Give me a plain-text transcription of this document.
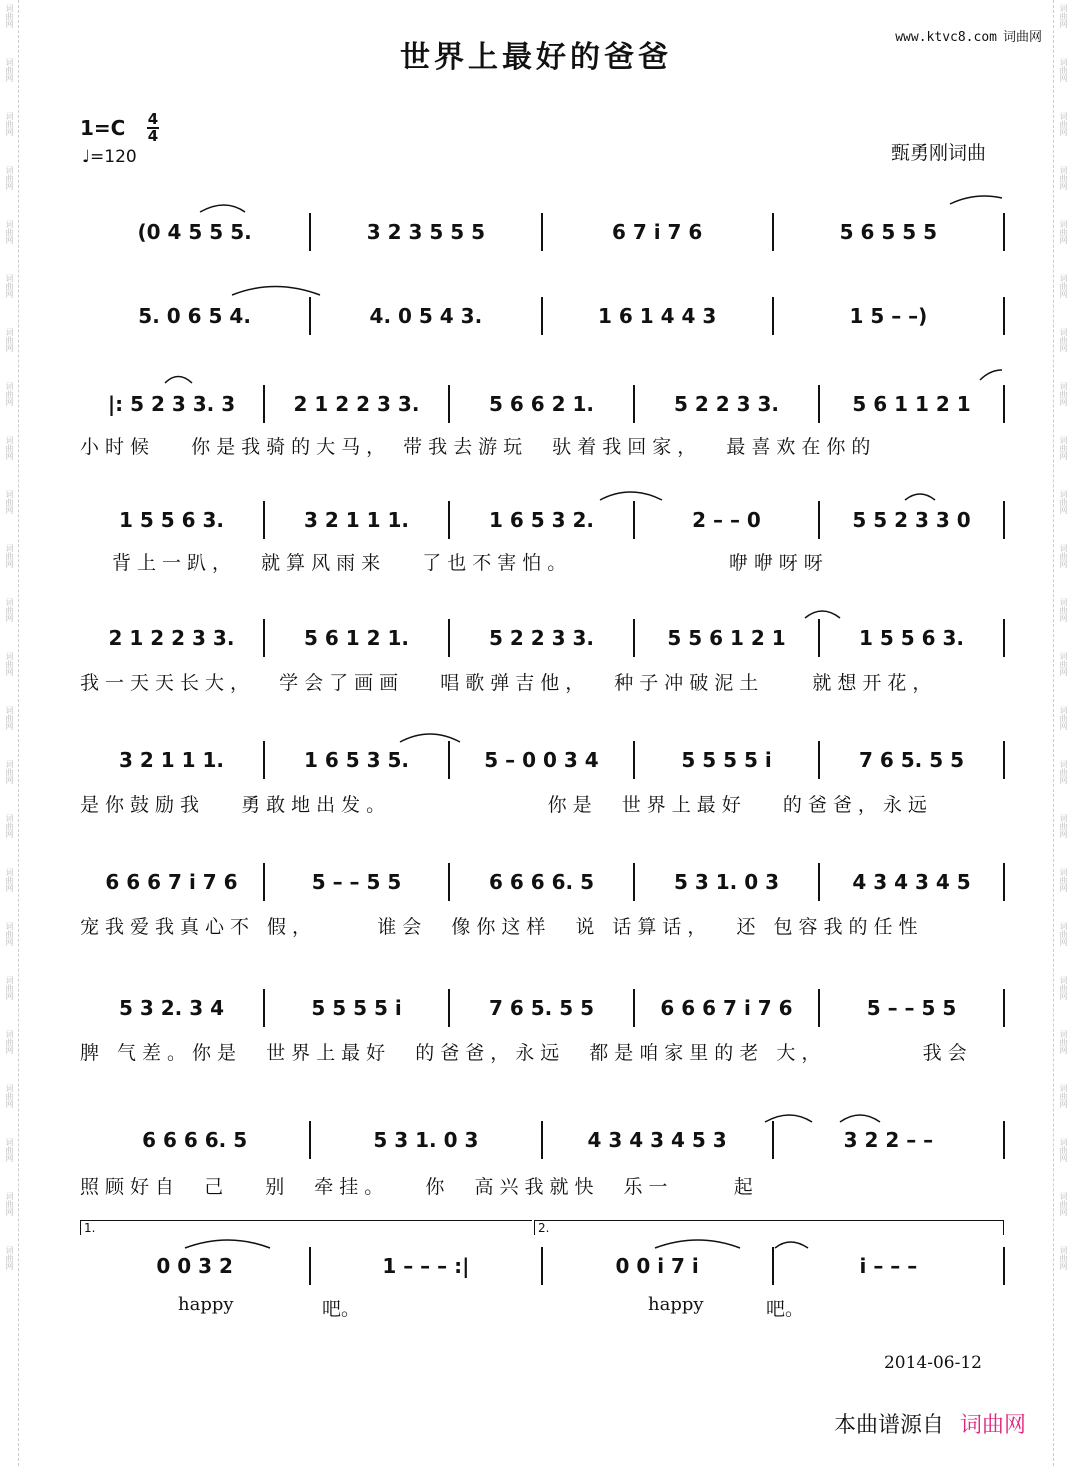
词曲网
词曲网
词曲网
词曲网
词曲网
词曲网
词曲网
词曲网
词曲网
词曲网
词曲网
词曲网
词曲网
词曲网
词曲网
词曲网
词曲网
词曲网
词曲网
词曲网
词曲网
词曲网
词曲网
词曲网
词曲网
词曲网
词曲网
词曲网
词曲网
词曲网
词曲网
词曲网
词曲网
词曲网
词曲网
词曲网
词曲网
词曲网
词曲网
词曲网
词曲网
词曲网
词曲网
词曲网
词曲网
词曲网
词曲网
词曲网
www.ktvc8.com 词曲网
世界上最好的爸爸
1=C 4
4
♩=120	甄勇刚词曲
(0 4 5 5 5.	3 2 3 5 5 5	6 7 i 7 6	5 6 5 5 5
5. 0 6 5 4.	4. 0 5 4 3.	1 6 1 4 4 3	1 5 – –)
|: 5 2 3 3. 3	2 1 2 2 3 3.	5 6 6 2 1.	5 2 2 3 3.	5 6 1 1 2 1
1 5 5 6 3.	3 2 1 1 1.	1 6 5 3 2.	2 – – 0	5 5 2 3 3 0
2 1 2 2 3 3.	5 6 1 2 1.	5 2 2 3 3.	5 5 6 1 2 1	1 5 5 6 3.
3 2 1 1 1.	1 6 5 3 5.	5 – 0 0 3 4	5 5 5 5 i	7 6 5. 5 5
6 6 6 7 i 7 6	5 – – 5 5	6 6 6 6. 5	5 3 1. 0 3	4 3 4 3 4 5
5 3 2. 3 4	5 5 5 5 i	7 6 5. 5 5	6 6 6 7 i 7 6	5 – – 5 5
6 6 6 6. 5	5 3 1. 0 3	4 3 4 3 4 5 3	3 2 2 – –
0 0 3 2	1 – – – :|	0 0 i 7 i	i – – –
小时候   你是我骑的大马， 带我去游玩  驮着我回家，  最喜欢在你的
背上一趴，  就算风雨来   了也不害怕。             咿咿呀呀
我一天天长大，  学会了画画   唱歌弹吉他，  种子冲破泥土    就想开花，
是你鼓励我   勇敢地出发。             你是  世界上最好   的爸爸，永远
宠我爱我真心不 假，     谁会  像你这样  说 话算话，  还 包容我的任性
脾 气差。你是  世界上最好  的爸爸，永远  都是咱家里的老 大，        我会
照顾好自  己   别  牵挂。   你  高兴我就快  乐一     起
1.	2.
happy	吧。	happy	吧。
2014-06-12
本曲谱源自 词曲网
